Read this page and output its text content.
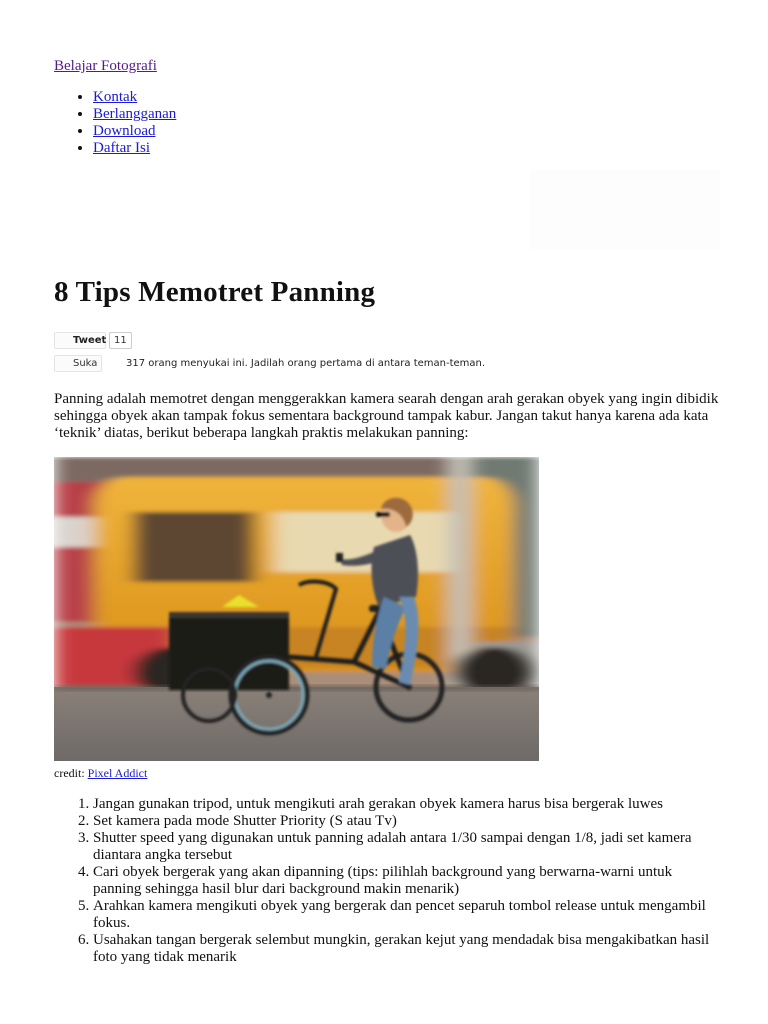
Belajar Fotografi
• Kontak
• Berlangganan
• Download
• Daftar Isi
8 Tips Memotret Panning
Tweet 11
Suka	317 orang menyukai ini. Jadilah orang pertama di antara teman-teman.

Panning adalah memotret dengan menggerakkan kamera searah dengan arah gerakan obyek yang ingin dibidik sehingga obyek akan tampak fokus sementara background tampak kabur. Jangan takut hanya karena ada kata ‘teknik’ diatas, berikut beberapa langkah praktis melakukan panning:

credit: Pixel Addict
1. Jangan gunakan tripod, untuk mengikuti arah gerakan obyek kamera harus bisa bergerak luwes
2. Set kamera pada mode Shutter Priority (S atau Tv)
3. Shutter speed yang digunakan untuk panning adalah antara 1/30 sampai dengan 1/8, jadi set kamera diantara angka tersebut
4. Cari obyek bergerak yang akan dipanning (tips: pilihlah background yang berwarna-warni untuk panning sehingga hasil blur dari background makin menarik)
5. Arahkan kamera mengikuti obyek yang bergerak dan pencet separuh tombol release untuk mengambil fokus.
6. Usahakan tangan bergerak selembut mungkin, gerakan kejut yang mendadak bisa mengakibatkan hasil foto yang tidak menarik
